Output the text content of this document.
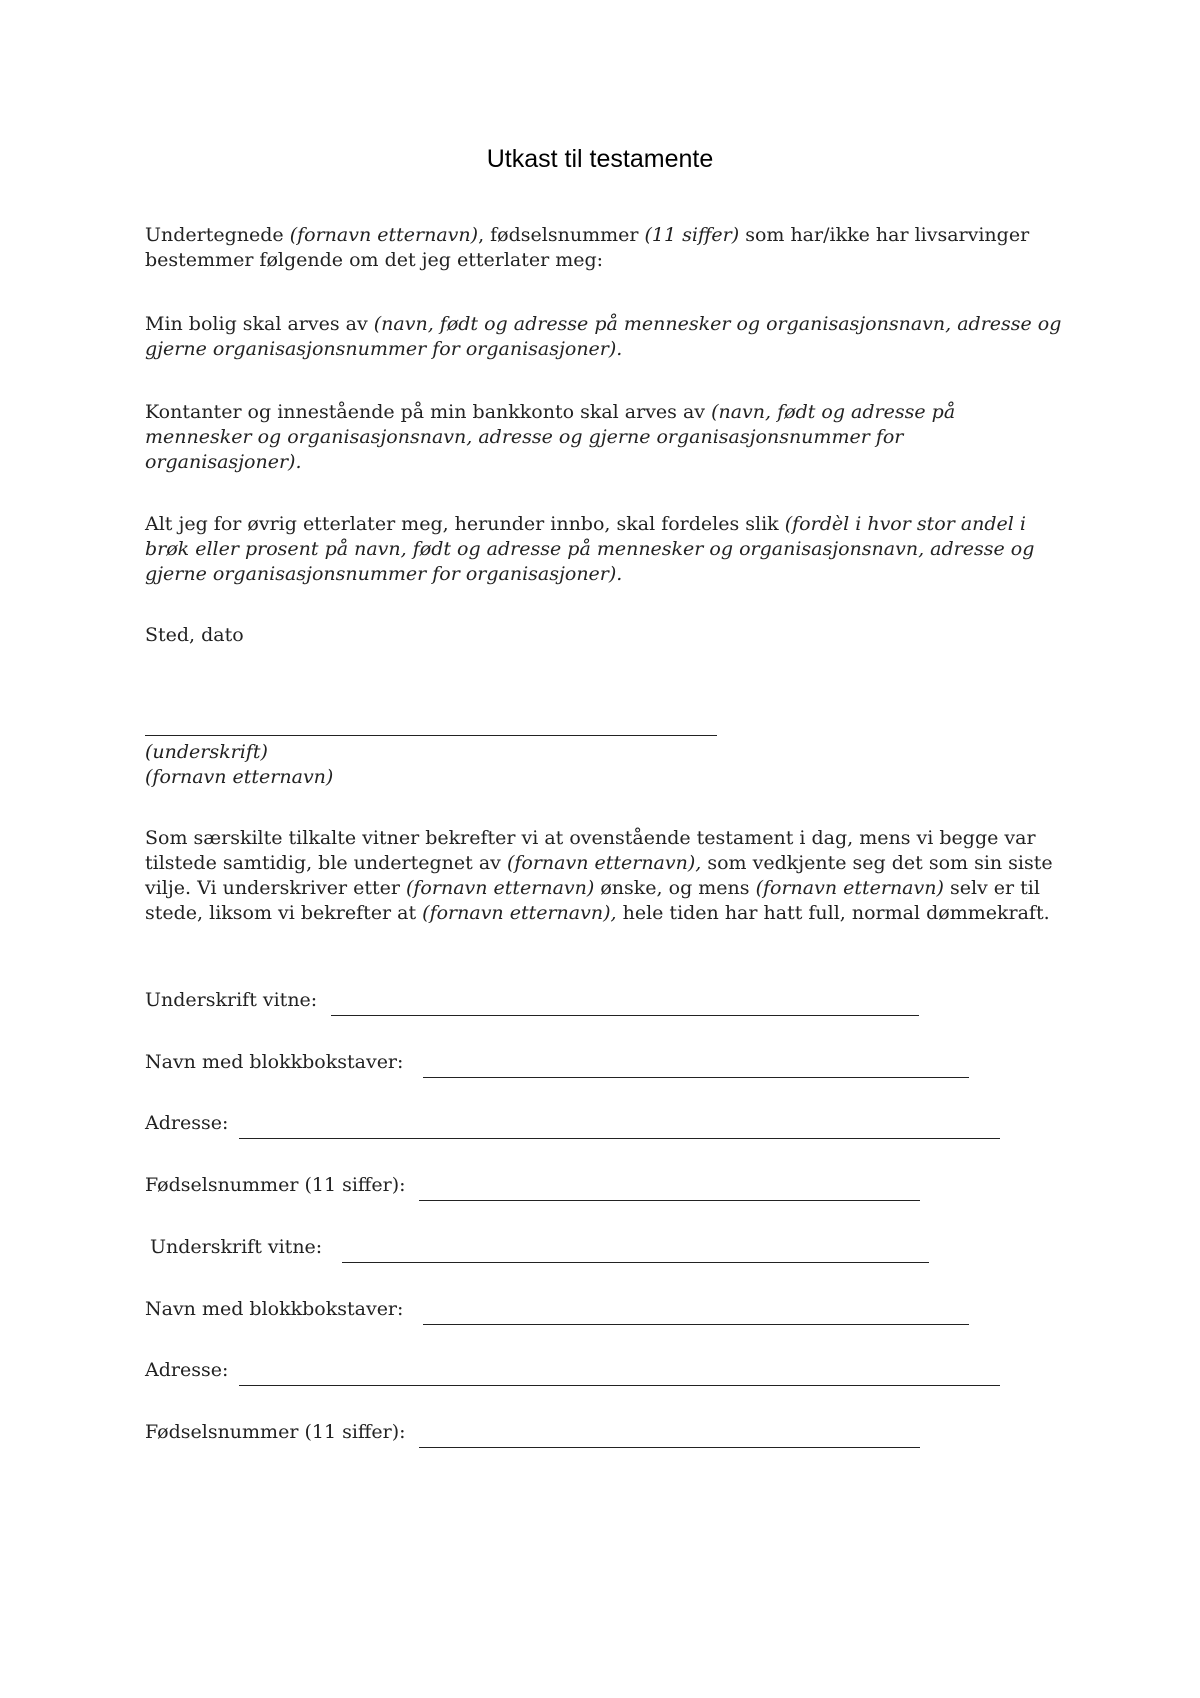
Utkast til testamente

Undertegnede (fornavn etternavn), fødselsnummer (11 siffer) som har/ikke har livsarvinger bestemmer følgende om det jeg etterlater meg:

Min bolig skal arves av (navn, født og adresse på mennesker og organisasjonsnavn, adresse og gjerne organisasjonsnummer for organisasjoner).

Kontanter og innestående på min bankkonto skal arves av (navn, født og adresse på mennesker og organisasjonsnavn, adresse og gjerne organisasjonsnummer for organisasjoner).

Alt jeg for øvrig etterlater meg, herunder innbo, skal fordeles slik (fordèl i hvor stor andel i brøk eller prosent på navn, født og adresse på mennesker og organisasjonsnavn, adresse og gjerne organisasjonsnummer for organisasjoner).

Sted, dato

(underskrift)

(fornavn etternavn)

Som særskilte tilkalte vitner bekrefter vi at ovenstående testament i dag, mens vi begge var tilstede samtidig, ble undertegnet av (fornavn etternavn), som vedkjente seg det som sin siste vilje. Vi underskriver etter (fornavn etternavn) ønske, og mens (fornavn etternavn) selv er til stede, liksom vi bekrefter at (fornavn etternavn), hele tiden har hatt full, normal dømmekraft.

Underskrift vitne:
Navn med blokkbokstaver:
Adresse:
Fødselsnummer (11 siffer):
Underskrift vitne:
Navn med blokkbokstaver:
Adresse:
Fødselsnummer (11 siffer):
